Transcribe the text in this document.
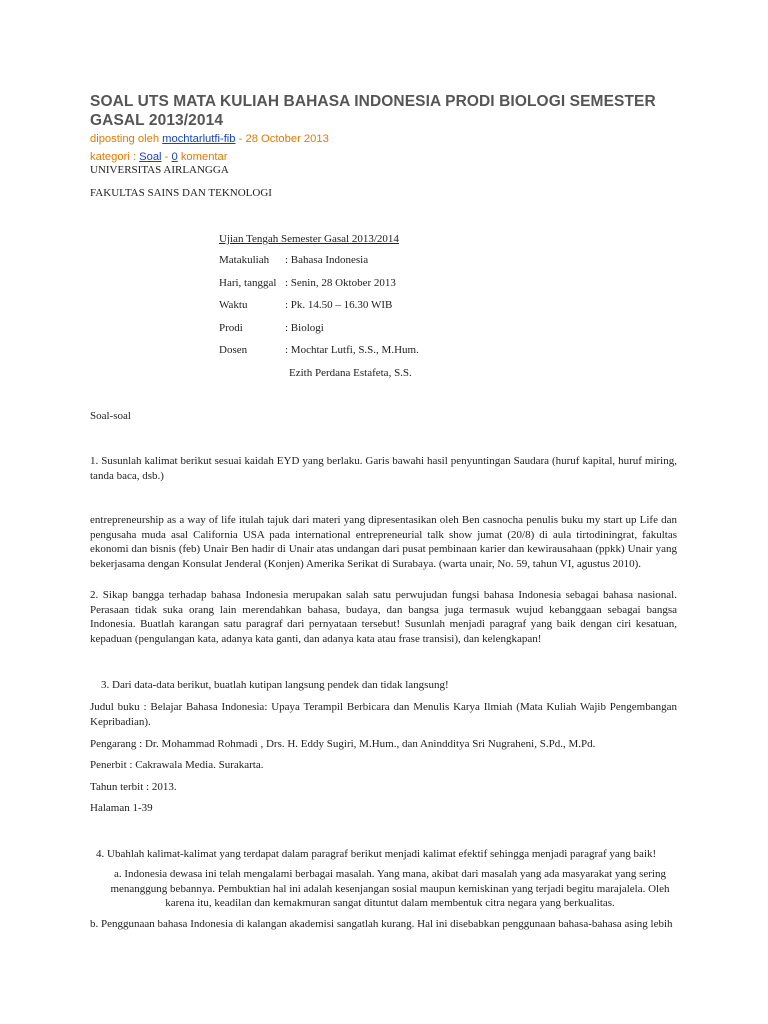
SOAL UTS MATA KULIAH BAHASA INDONESIA PRODI BIOLOGI SEMESTER GASAL 2013/2014
diposting oleh mochtarlutfi-fib - 28 October 2013
kategori : Soal - 0 komentar
UNIVERSITAS AIRLANGGA
FAKULTAS SAINS DAN TEKNOLOGI
Ujian Tengah Semester Gasal 2013/2014
Matakuliah : Bahasa Indonesia
Hari, tanggal : Senin, 28 Oktober 2013
Waktu	: Pk. 14.50 – 16.30 WIB
Prodi	: Biologi
Dosen	: Mochtar Lutfi, S.S., M.Hum.
Ezith Perdana Estafeta, S.S.
Soal-soal
1. Susunlah kalimat berikut sesuai kaidah EYD yang berlaku. Garis bawahi hasil penyuntingan Saudara (huruf kapital, huruf miring, tanda baca, dsb.)
entrepreneurship as a way of life itulah tajuk dari materi yang dipresentasikan oleh Ben casnocha penulis buku my start up Life dan pengusaha muda asal California USA pada international entrepreneurial talk show jumat (20/8) di aula tirtodiningrat, fakultas ekonomi dan bisnis (feb) Unair Ben hadir di Unair atas undangan dari pusat pembinaan karier dan kewirausahaan (ppkk) Unair yang bekerjasama dengan Konsulat Jenderal (Konjen) Amerika Serikat di Surabaya. (warta unair, No. 59, tahun VI, agustus 2010).
2. Sikap bangga terhadap bahasa Indonesia merupakan salah satu perwujudan fungsi bahasa Indonesia sebagai bahasa nasional. Perasaan tidak suka orang lain merendahkan bahasa, budaya, dan bangsa juga termasuk wujud kebanggaan sebagai bangsa Indonesia. Buatlah karangan satu paragraf dari pernyataan tersebut! Susunlah menjadi paragraf yang baik dengan ciri kesatuan, kepaduan (pengulangan kata, adanya kata ganti, dan adanya kata atau frase transisi), dan kelengkapan!
3. Dari data-data berikut, buatlah kutipan langsung pendek dan tidak langsung!
Judul buku : Belajar Bahasa Indonesia: Upaya Terampil Berbicara dan Menulis Karya Ilmiah (Mata Kuliah Wajib Pengembangan Kepribadian).
Pengarang : Dr. Mohammad Rohmadi , Drs. H. Eddy Sugiri, M.Hum., dan Anindditya Sri Nugraheni, S.Pd., M.Pd.
Penerbit : Cakrawala Media. Surakarta.
Tahun terbit : 2013.
Halaman 1-39
4. Ubahlah kalimat-kalimat yang terdapat dalam paragraf berikut menjadi kalimat efektif sehingga menjadi paragraf yang baik!
a. Indonesia dewasa ini telah mengalami berbagai masalah. Yang mana, akibat dari masalah yang ada masyarakat yang sering menanggung bebannya. Pembuktian hal ini adalah kesenjangan sosial maupun kemiskinan yang terjadi begitu marajalela. Oleh karena itu, keadilan dan kemakmuran sangat dituntut dalam membentuk citra negara yang berkualitas.
b. Penggunaan bahasa Indonesia di kalangan akademisi sangatlah kurang. Hal ini disebabkan penggunaan bahasa-bahasa asing lebih
